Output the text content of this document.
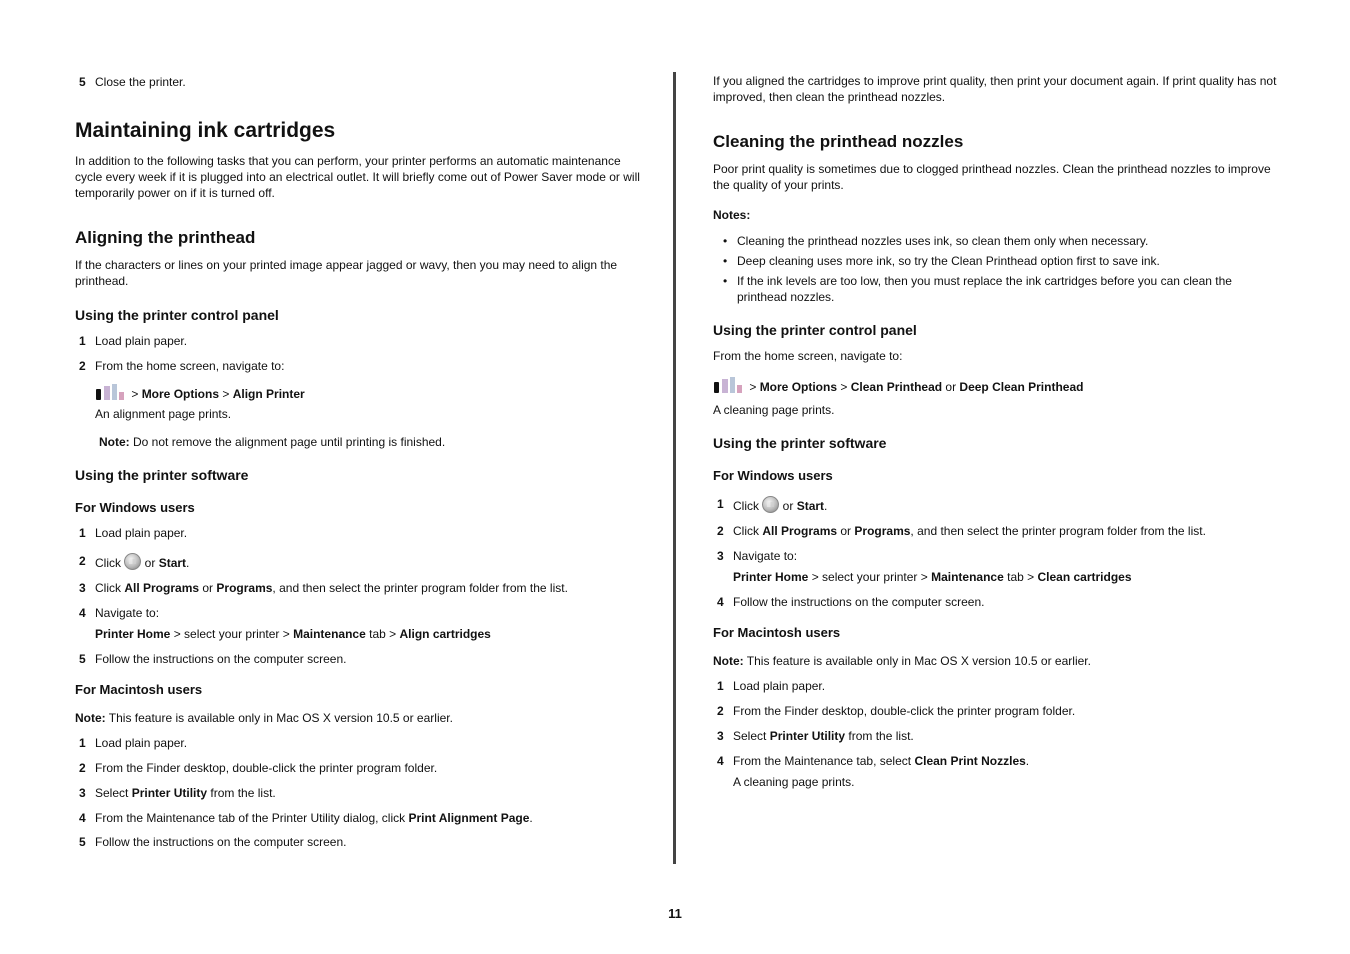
5 Close the printer.
Maintaining ink cartridges
In addition to the following tasks that you can perform, your printer performs an automatic maintenance cycle every week if it is plugged into an electrical outlet. It will briefly come out of Power Saver mode or will temporarily power on if it is turned off.
Aligning the printhead
If the characters or lines on your printed image appear jagged or wavy, then you may need to align the printhead.
Using the printer control panel
1 Load plain paper.
2 From the home screen, navigate to:
> More Options > Align Printer
An alignment page prints.
Note: Do not remove the alignment page until printing is finished.
Using the printer software
For Windows users
1 Load plain paper.
2 Click  or Start.
3 Click All Programs or Programs, and then select the printer program folder from the list.
4 Navigate to:
Printer Home > select your printer > Maintenance tab > Align cartridges
5 Follow the instructions on the computer screen.
For Macintosh users
Note: This feature is available only in Mac OS X version 10.5 or earlier.
1 Load plain paper.
2 From the Finder desktop, double-click the printer program folder.
3 Select Printer Utility from the list.
4 From the Maintenance tab of the Printer Utility dialog, click Print Alignment Page.
5 Follow the instructions on the computer screen.
If you aligned the cartridges to improve print quality, then print your document again. If print quality has not improved, then clean the printhead nozzles.
Cleaning the printhead nozzles
Poor print quality is sometimes due to clogged printhead nozzles. Clean the printhead nozzles to improve the quality of your prints.
Notes:
• Cleaning the printhead nozzles uses ink, so clean them only when necessary.
• Deep cleaning uses more ink, so try the Clean Printhead option first to save ink.
• If the ink levels are too low, then you must replace the ink cartridges before you can clean the printhead nozzles.
Using the printer control panel
From the home screen, navigate to:
> More Options > Clean Printhead or Deep Clean Printhead
A cleaning page prints.
Using the printer software
For Windows users
1 Click  or Start.
2 Click All Programs or Programs, and then select the printer program folder from the list.
3 Navigate to:
Printer Home > select your printer > Maintenance tab > Clean cartridges
4 Follow the instructions on the computer screen.
For Macintosh users
Note: This feature is available only in Mac OS X version 10.5 or earlier.
1 Load plain paper.
2 From the Finder desktop, double-click the printer program folder.
3 Select Printer Utility from the list.
4 From the Maintenance tab, select Clean Print Nozzles.
A cleaning page prints.
11
